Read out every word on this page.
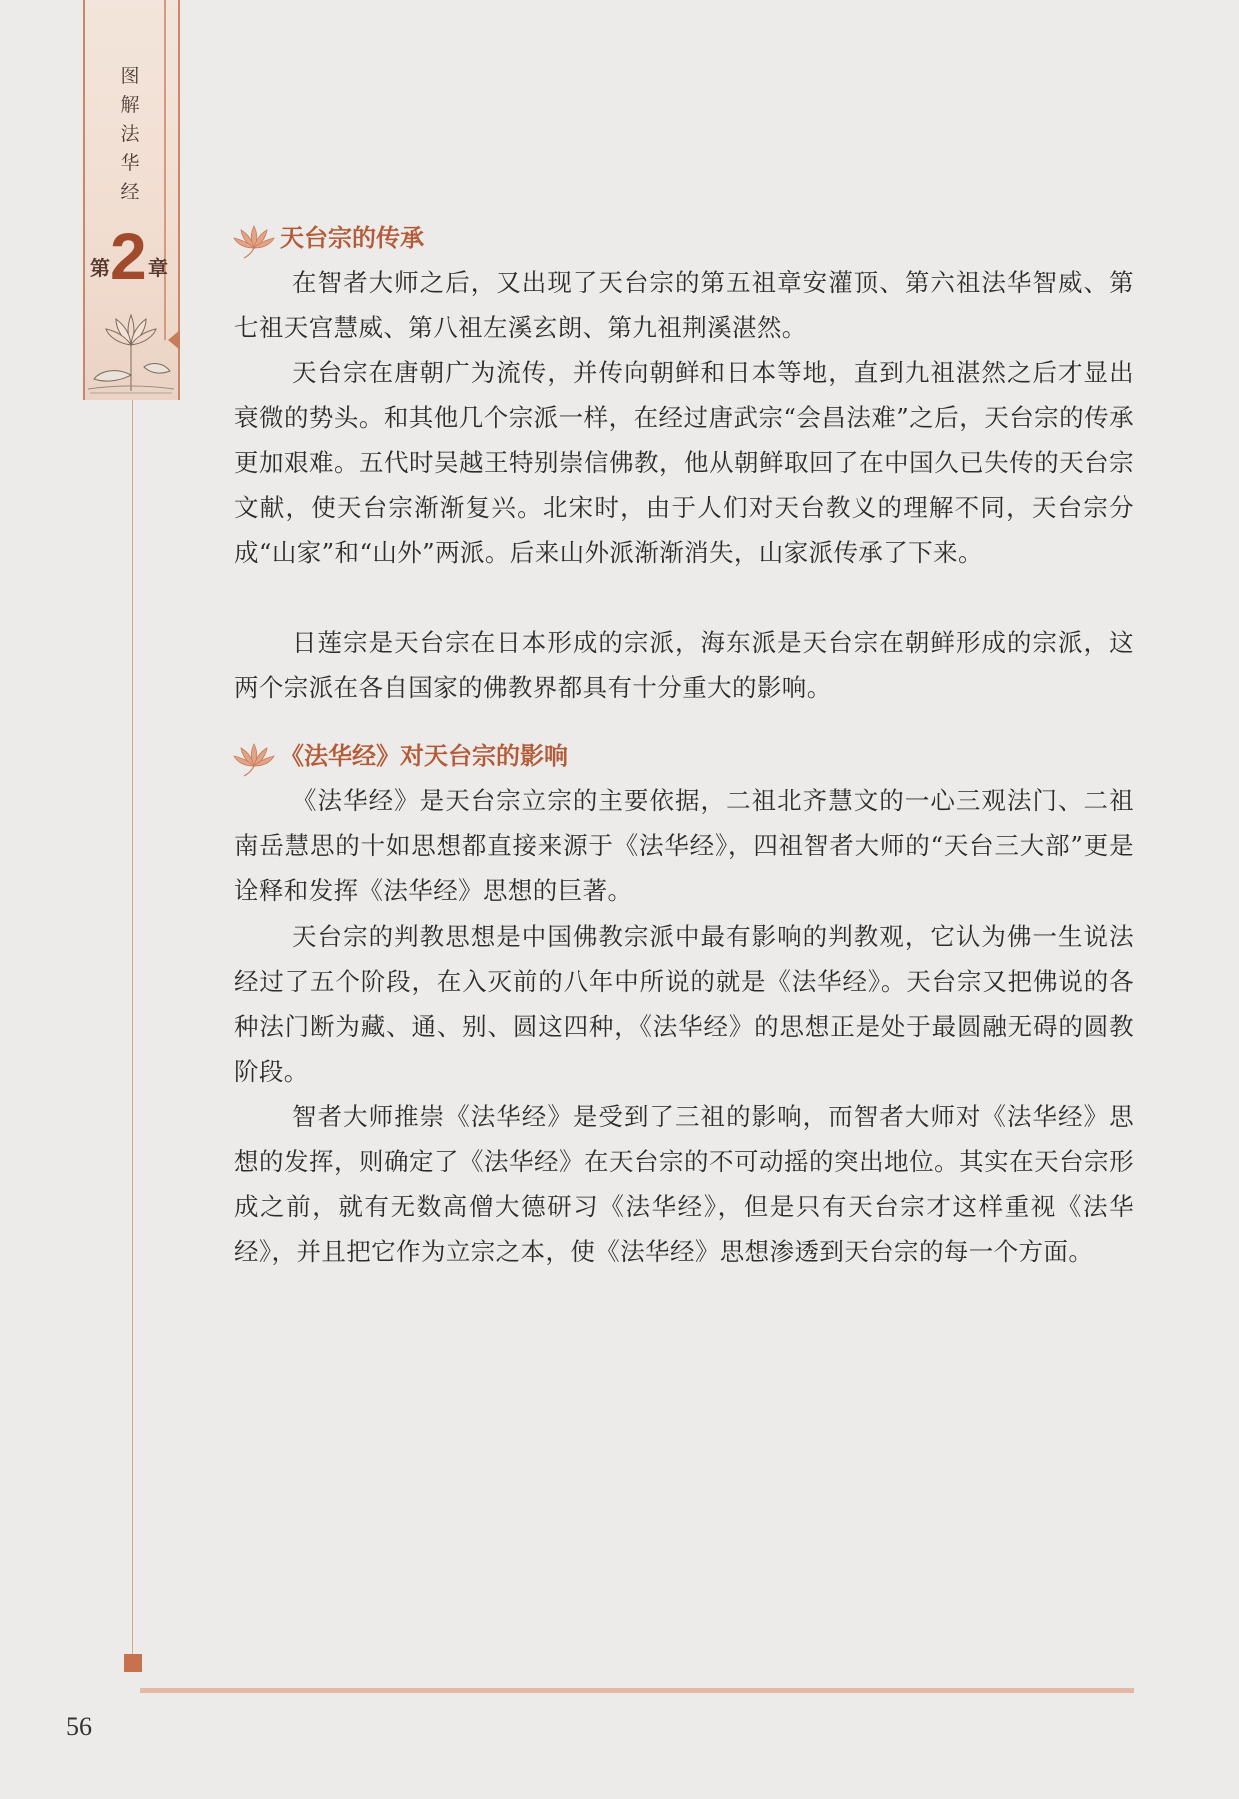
图
解
法
华
经
第 2 章
天台宗的传承

在智者大师之后，又出现了天台宗的第五祖章安灌顶、第六祖法华智威、第七祖天宫慧威、第八祖左溪玄朗、第九祖荆溪湛然。

天台宗在唐朝广为流传，并传向朝鲜和日本等地，直到九祖湛然之后才显出衰微的势头。和其他几个宗派一样，在经过唐武宗“会昌法难”之后，天台宗的传承更加艰难。五代时吴越王特别崇信佛教，他从朝鲜取回了在中国久已失传的天台宗文献，使天台宗渐渐复兴。北宋时，由于人们对天台教义的理解不同，天台宗分成“山家”和“山外”两派。后来山外派渐渐消失，山家派传承了下来。

日莲宗是天台宗在日本形成的宗派，海东派是天台宗在朝鲜形成的宗派，这两个宗派在各自国家的佛教界都具有十分重大的影响。

《法华经》对天台宗的影响

《法华经》是天台宗立宗的主要依据，二祖北齐慧文的一心三观法门、二祖南岳慧思的十如思想都直接来源于《法华经》，四祖智者大师的“天台三大部”更是诠释和发挥《法华经》思想的巨著。

天台宗的判教思想是中国佛教宗派中最有影响的判教观，它认为佛一生说法经过了五个阶段，在入灭前的八年中所说的就是《法华经》。天台宗又把佛说的各种法门断为藏、通、别、圆这四种，《法华经》的思想正是处于最圆融无碍的圆教阶段。

智者大师推崇《法华经》是受到了三祖的影响，而智者大师对《法华经》思想的发挥，则确定了《法华经》在天台宗的不可动摇的突出地位。其实在天台宗形成之前，就有无数高僧大德研习《法华经》，但是只有天台宗才这样重视《法华经》，并且把它作为立宗之本，使《法华经》思想渗透到天台宗的每一个方面。

56
